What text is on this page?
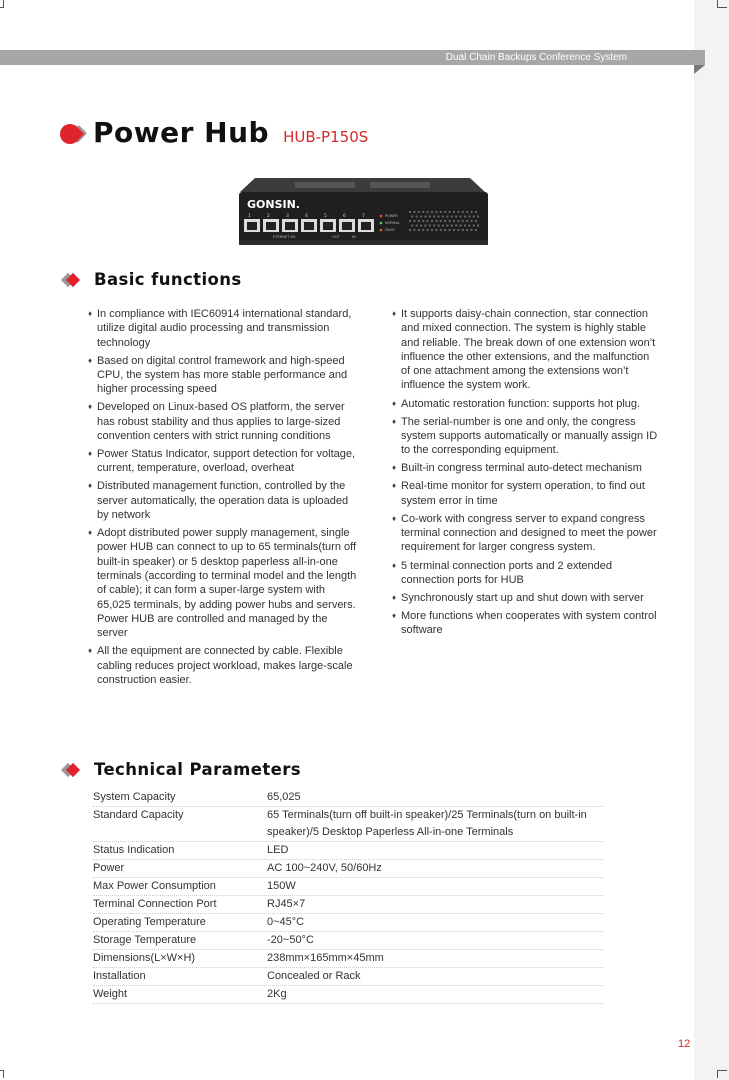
Dual Chain Backups Conference System
Power Hub HUB-P150S
GONSIN.
1	2	3	4	5	6	7
ETERNET HS	OUT	IN
POWER
NORMAL
FAULT
Basic functions
♦ In compliance with IEC60914 international standard, utilize digital audio processing and transmission technology
♦ Based on digital control framework and high-speed CPU, the system has more stable performance and higher processing speed
♦ Developed on Linux-based OS platform, the server has robust stability and thus applies to large-sized convention centers with strict running conditions
♦ Power Status Indicator, support detection for voltage, current, temperature, overload, overheat
♦ Distributed management function, controlled by the server automatically, the operation data is uploaded by network
♦ Adopt distributed power supply management, single power HUB can connect to up to 65 terminals(turn off built-in speaker) or 5 desktop paperless all-in-one terminals (according to terminal model and the length of cable); it can form a super-large system with 65,025 terminals, by adding power hubs and servers. Power HUB are controlled and managed by the server
♦ All the equipment are connected by cable. Flexible cabling reduces project workload, makes large-scale construction easier.
♦ It supports daisy-chain connection, star connection and mixed connection. The system is highly stable and reliable. The break down of one extension won’t influence the other extensions, and the malfunction of one attachment among the extensions won’t influence the system work.
♦ Automatic restoration function: supports hot plug.
♦ The serial-number is one and only, the congress system supports automatically or manually assign ID to the corresponding equipment.
♦ Built-in congress terminal auto-detect mechanism
♦ Real-time monitor for system operation, to find out system error in time
♦ Co-work with congress server to expand congress terminal connection and designed to meet the power requirement for larger congress system.
♦ 5 terminal connection ports and 2 extended connection ports for HUB
♦ Synchronously start up and shut down with server
♦ More functions when cooperates with system control software
Technical Parameters
System Capacity	65,025
Standard Capacity	65 Terminals(turn off built-in speaker)/25 Terminals(turn on built-in speaker)/5 Desktop Paperless All-in-one Terminals
Status Indication	LED
Power	AC 100~240V, 50/60Hz
Max Power Consumption	150W
Terminal Connection Port	RJ45×7
Operating Temperature	0~45°C
Storage Temperature	-20~50°C
Dimensions(L×W×H)	238mm×165mm×45mm
Installation	Concealed or Rack
Weight	2Kg
12
